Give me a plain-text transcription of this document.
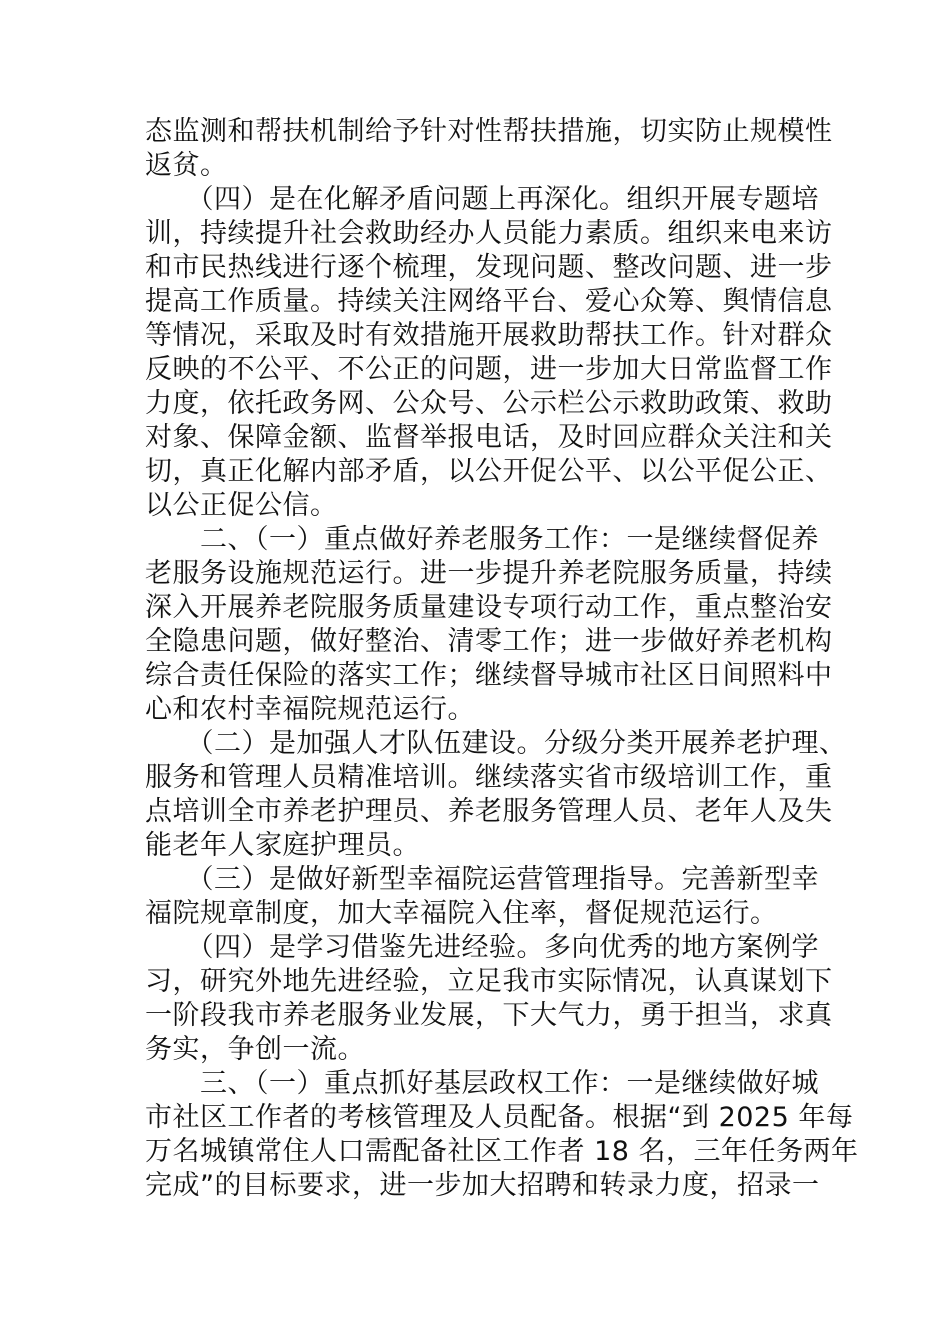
态监测和帮扶机制给予针对性帮扶措施，切实防止规模性
返贫。
　　（四）是在化解矛盾问题上再深化。组织开展专题培
训，持续提升社会救助经办人员能力素质。组织来电来访
和市民热线进行逐个梳理，发现问题、整改问题、进一步
提高工作质量。持续关注网络平台、爱心众筹、舆情信息
等情况，采取及时有效措施开展救助帮扶工作。针对群众
反映的不公平、不公正的问题，进一步加大日常监督工作
力度，依托政务网、公众号、公示栏公示救助政策、救助
对象、保障金额、监督举报电话，及时回应群众关注和关
切，真正化解内部矛盾，以公开促公平、以公平促公正、
以公正促公信。
　　二、（一）重点做好养老服务工作：一是继续督促养
老服务设施规范运行。进一步提升养老院服务质量，持续
深入开展养老院服务质量建设专项行动工作，重点整治安
全隐患问题，做好整治、清零工作；进一步做好养老机构
综合责任保险的落实工作；继续督导城市社区日间照料中
心和农村幸福院规范运行。
　　（二）是加强人才队伍建设。分级分类开展养老护理、
服务和管理人员精准培训。继续落实省市级培训工作，重
点培训全市养老护理员、养老服务管理人员、老年人及失
能老年人家庭护理员。
　　（三）是做好新型幸福院运营管理指导。完善新型幸
福院规章制度，加大幸福院入住率，督促规范运行。
　　（四）是学习借鉴先进经验。多向优秀的地方案例学
习，研究外地先进经验，立足我市实际情况，认真谋划下
一阶段我市养老服务业发展，下大气力，勇于担当，求真
务实，争创一流。
　　三、（一）重点抓好基层政权工作：一是继续做好城
市社区工作者的考核管理及人员配备。根据“到 2025 年每
万名城镇常住人口需配备社区工作者 18 名，三年任务两年
完成”的目标要求，进一步加大招聘和转录力度，招录一
